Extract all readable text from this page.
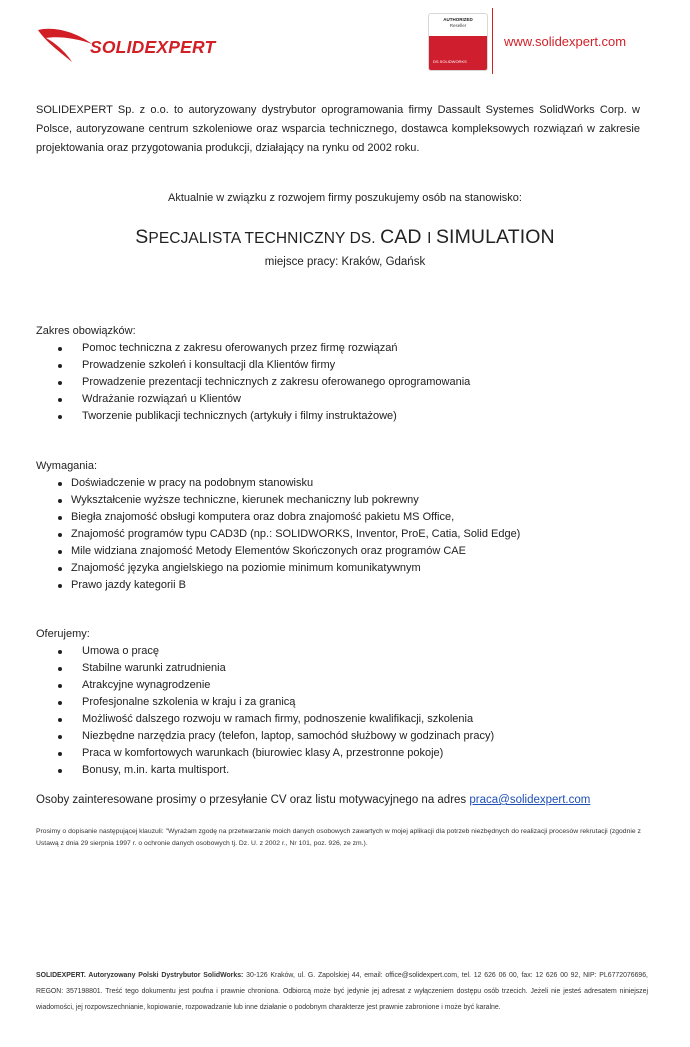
SOLIDEXPERT
AUTHORIZED
Reseller
DS SOLIDWORKS
www.solidexpert.com
SOLIDEXPERT Sp. z o.o. to autoryzowany dystrybutor oprogramowania firmy Dassault Systemes SolidWorks Corp. w Polsce, autoryzowane centrum szkoleniowe oraz wsparcia technicznego, dostawca kompleksowych rozwiązań w zakresie projektowania oraz przygotowania produkcji, działający na rynku od 2002 roku.
Aktualnie w związku z rozwojem firmy poszukujemy osób na stanowisko:
SPECJALISTA TECHNICZNY DS. CAD I SIMULATION
miejsce pracy: Kraków, Gdańsk
Zakres obowiązków:
Pomoc techniczna z zakresu oferowanych przez firmę rozwiązań
Prowadzenie szkoleń i konsultacji dla Klientów firmy
Prowadzenie prezentacji technicznych z zakresu oferowanego oprogramowania
Wdrażanie rozwiązań u Klientów
Tworzenie publikacji technicznych (artykuły i filmy instruktażowe)
Wymagania:
Doświadczenie w pracy na podobnym stanowisku
Wykształcenie wyższe techniczne, kierunek mechaniczny lub pokrewny
Biegła znajomość obsługi komputera oraz dobra znajomość pakietu MS Office,
Znajomość programów typu CAD3D (np.: SOLIDWORKS, Inventor, ProE, Catia, Solid Edge)
Mile widziana znajomość Metody Elementów Skończonych oraz programów CAE
Znajomość języka angielskiego na poziomie minimum komunikatywnym
Prawo jazdy kategorii B
Oferujemy:
Umowa o pracę
Stabilne warunki zatrudnienia
Atrakcyjne wynagrodzenie
Profesjonalne szkolenia w kraju i za granicą
Możliwość dalszego rozwoju w ramach firmy, podnoszenie kwalifikacji, szkolenia
Niezbędne narzędzia pracy (telefon, laptop, samochód służbowy w godzinach pracy)
Praca w komfortowych warunkach (biurowiec klasy A, przestronne pokoje)
Bonusy, m.in. karta multisport.
Osoby zainteresowane prosimy o przesyłanie CV oraz listu motywacyjnego na adres praca@solidexpert.com
Prosimy o dopisanie następującej klauzuli: "Wyrażam zgodę na przetwarzanie moich danych osobowych zawartych w mojej aplikacji dla potrzeb niezbędnych do realizacji procesów rekrutacji (zgodnie z Ustawą z dnia 29 sierpnia 1997 r. o ochronie danych osobowych tj. Dz. U. z 2002 r., Nr 101, poz. 926, ze zm.).
SOLIDEXPERT. Autoryzowany Polski Dystrybutor SolidWorks: 30-126 Kraków, ul. G. Zapolskiej 44, email: office@solidexpert.com, tel. 12 626 06 00, fax: 12 626 00 92, NIP: PL6772076696, REGON: 357198801. Treść tego dokumentu jest poufna i prawnie chroniona. Odbiorcą może być jedynie jej adresat z wyłączeniem dostępu osób trzecich. Jeżeli nie jesteś adresatem niniejszej wiadomości, jej rozpowszechnianie, kopiowanie, rozpowadzanie lub inne działanie o podobnym charakterze jest prawnie zabronione i może być karalne.
